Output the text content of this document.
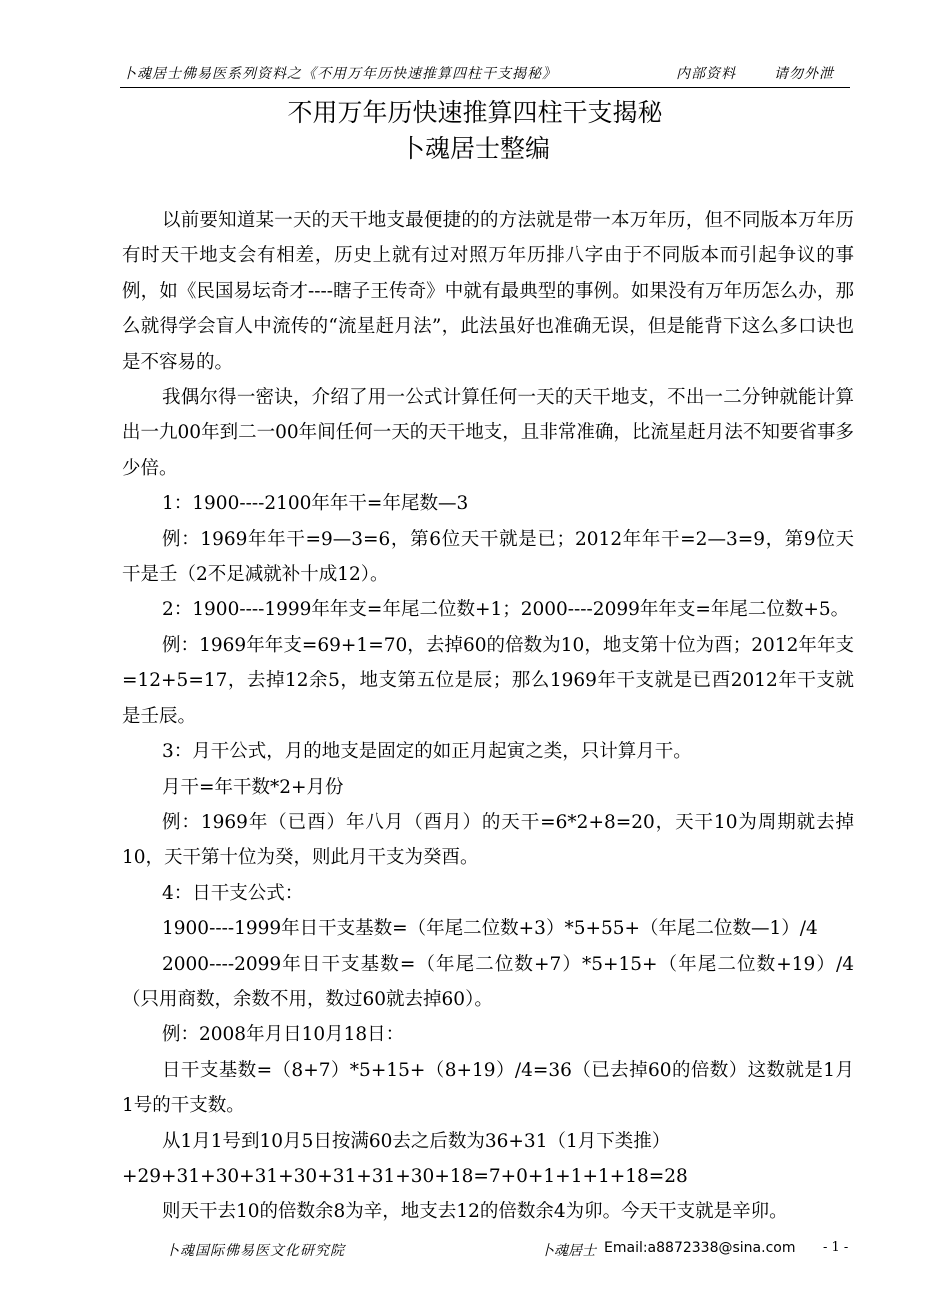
卜魂居士佛易医系列资料之《不用万年历快速推算四柱干支揭秘》	内部资料	请勿外泄
不用万年历快速推算四柱干支揭秘
卜魂居士整编

以前要知道某一天的天干地支最便捷的的方法就是带一本万年历，但不同版本万年历有时天干地支会有相差，历史上就有过对照万年历排八字由于不同版本而引起争议的事例，如《民国易坛奇才----瞎子王传奇》中就有最典型的事例。如果没有万年历怎么办，那么就得学会盲人中流传的“流星赶月法”，此法虽好也准确无误，但是能背下这么多口诀也是不容易的。

我偶尔得一密诀，介绍了用一公式计算任何一天的天干地支，不出一二分钟就能计算出一九00年到二一00年间任何一天的天干地支，且非常准确，比流星赶月法不知要省事多少倍。

1：1900----2100年年干=年尾数—3

例：1969年年干=9—3=6，第6位天干就是已；2012年年干=2—3=9，第9位天干是壬（2不足减就补十成12）。

2：1900----1999年年支=年尾二位数+1；2000----2099年年支=年尾二位数+5。

例：1969年年支=69+1=70，去掉60的倍数为10，地支第十位为酉；2012年年支=12+5=17，去掉12余5，地支第五位是辰；那么1969年干支就是已酉2012年干支就是壬辰。

3：月干公式，月的地支是固定的如正月起寅之类，只计算月干。

月干=年干数*2+月份

例：1969年（已酉）年八月（酉月）的天干=6*2+8=20，天干10为周期就去掉10，天干第十位为癸，则此月干支为癸酉。

4：日干支公式：

1900----1999年日干支基数=（年尾二位数+3）*5+55+（年尾二位数—1）/4

2000----2099年日干支基数=（年尾二位数+7）*5+15+（年尾二位数+19）/4（只用商数，余数不用，数过60就去掉60）。

例：2008年月日10月18日：

日干支基数=（8+7）*5+15+（8+19）/4=36（已去掉60的倍数）这数就是1月1号的干支数。

从1月1号到10月5日按满60去之后数为36+31（1月下类推）

+29+31+30+31+30+31+31+30+18=7+0+1+1+1+18=28

则天干去10的倍数余8为辛，地支去12的倍数余4为卯。今天干支就是辛卯。

卜魂国际佛易医文化研究院	卜魂居士 Email:a8872338@sina.com - 1 -
